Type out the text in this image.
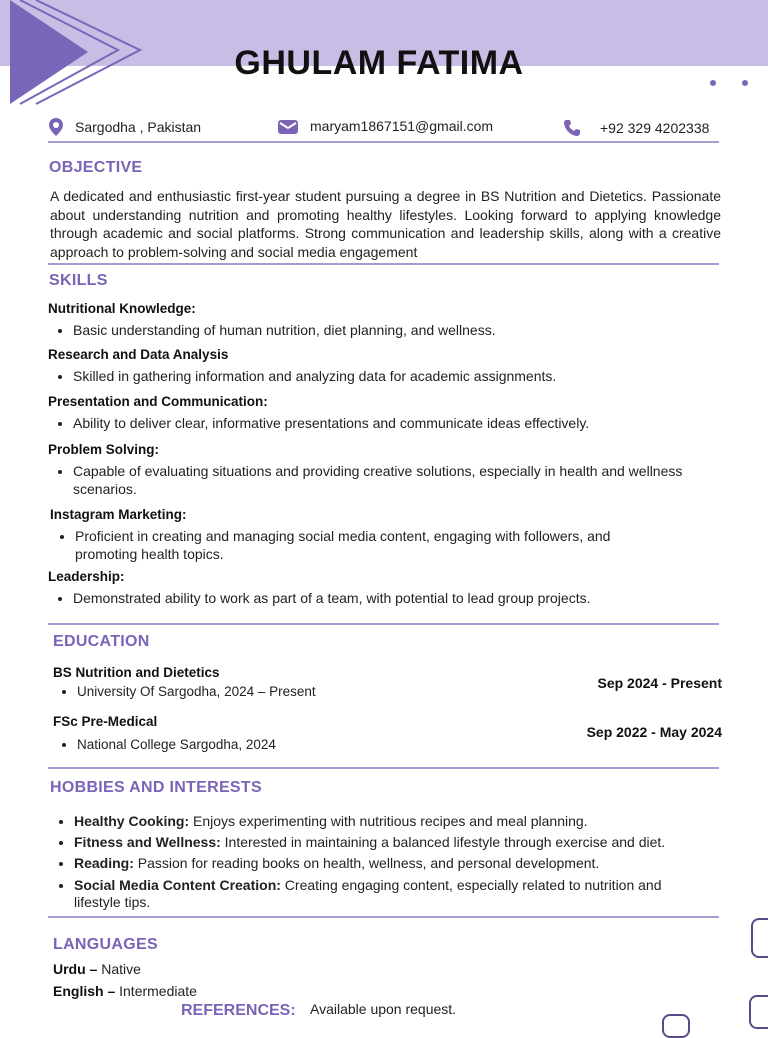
GHULAM FATIMA
Sargodha , Pakistan	maryam1867151@gmail.com	+92 329 4202338
OBJECTIVE
A dedicated and enthusiastic first-year student pursuing a degree in BS Nutrition and Dietetics. Passionate about understanding nutrition and promoting healthy lifestyles. Looking forward to applying knowledge through academic and social platforms. Strong communication and leadership skills, along with a creative approach to problem-solving and social media engagement
SKILLS
Nutritional Knowledge:
• Basic understanding of human nutrition, diet planning, and wellness.
Research and Data Analysis
• Skilled in gathering information and analyzing data for academic assignments.
Presentation and Communication:
• Ability to deliver clear, informative presentations and communicate ideas effectively.
Problem Solving:
• Capable of evaluating situations and providing creative solutions, especially in health and wellness scenarios.
Instagram Marketing:
• Proficient in creating and managing social media content, engaging with followers, and promoting health topics.
Leadership:
• Demonstrated ability to work as part of a team, with potential to lead group projects.
EDUCATION
BS Nutrition and Dietetics
• University Of Sargodha, 2024 – Present
Sep 2024 - Present
FSc Pre-Medical
• National College Sargodha, 2024
Sep 2022 - May 2024
HOBBIES AND INTERESTS
• Healthy Cooking: Enjoys experimenting with nutritious recipes and meal planning.
• Fitness and Wellness: Interested in maintaining a balanced lifestyle through exercise and diet.
• Reading: Passion for reading books on health, wellness, and personal development.
• Social Media Content Creation: Creating engaging content, especially related to nutrition and lifestyle tips.
LANGUAGES
Urdu – Native
English – Intermediate
REFERENCES: Available upon request.
